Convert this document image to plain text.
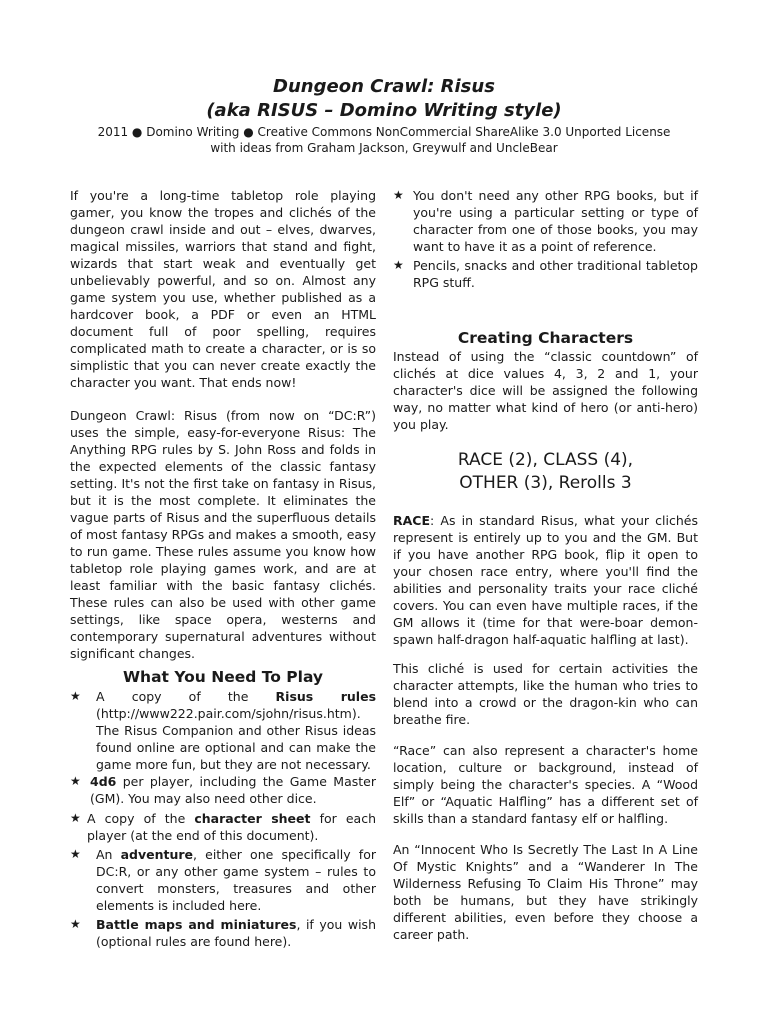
Dungeon Crawl: Risus
(aka RISUS – Domino Writing style)
2011 ● Domino Writing ● Creative Commons NonCommercial ShareAlike 3.0 Unported License
with ideas from Graham Jackson, Greywulf and UncleBear

If you're a long-time tabletop role playing gamer, you know the tropes and clichés of the dungeon crawl inside and out – elves, dwarves, magical missiles, warriors that stand and fight, wizards that start weak and eventually get unbelievably powerful, and so on. Almost any game system you use, whether published as a hardcover book, a PDF or even an HTML document full of poor spelling, requires complicated math to create a character, or is so simplistic that you can never create exactly the character you want. That ends now!

Dungeon Crawl: Risus (from now on “DC:R”) uses the simple, easy-for-everyone Risus: The Anything RPG rules by S. John Ross and folds in the expected elements of the classic fantasy setting. It's not the first take on fantasy in Risus, but it is the most complete. It eliminates the vague parts of Risus and the superfluous details of most fantasy RPGs and makes a smooth, easy to run game. These rules assume you know how tabletop role playing games work, and are at least familiar with the basic fantasy clichés. These rules can also be used with other game settings, like space opera, westerns and contemporary supernatural adventures without significant changes.

What You Need To Play
★	A copy of the Risus rules (http://www222.pair.com/sjohn/risus.htm). The Risus Companion and other Risus ideas found online are optional and can make the game more fun, but they are not necessary.
★ 4d6 per player, including the Game Master (GM). You may also need other dice.
★ A copy of the character sheet for each player (at the end of this document).
★	An adventure, either one specifically for DC:R, or any other game system – rules to convert monsters, treasures and other elements is included here.
★	Battle maps and miniatures, if you wish (optional rules are found here).
★ You don't need any other RPG books, but if you're using a particular setting or type of character from one of those books, you may want to have it as a point of reference.
★ Pencils, snacks and other traditional tabletop RPG stuff.
Creating Characters

Instead of using the “classic countdown” of clichés at dice values 4, 3, 2 and 1, your character's dice will be assigned the following way, no matter what kind of hero (or anti-hero) you play.

RACE (2), CLASS (4),
OTHER (3), Rerolls 3

RACE: As in standard Risus, what your clichés represent is entirely up to you and the GM. But if you have another RPG book, flip it open to your chosen race entry, where you'll find the abilities and personality traits your race cliché covers. You can even have multiple races, if the GM allows it (time for that were-boar demon-spawn half-dragon half-aquatic halfling at last).

This cliché is used for certain activities the character attempts, like the human who tries to blend into a crowd or the dragon-kin who can breathe fire.

“Race” can also represent a character's home location, culture or background, instead of simply being the character's species. A “Wood Elf” or “Aquatic Halfling” has a different set of skills than a standard fantasy elf or halfling.

An “Innocent Who Is Secretly The Last In A Line Of Mystic Knights” and a “Wanderer In The Wilderness Refusing To Claim His Throne” may both be humans, but they have strikingly different abilities, even before they choose a career path.
